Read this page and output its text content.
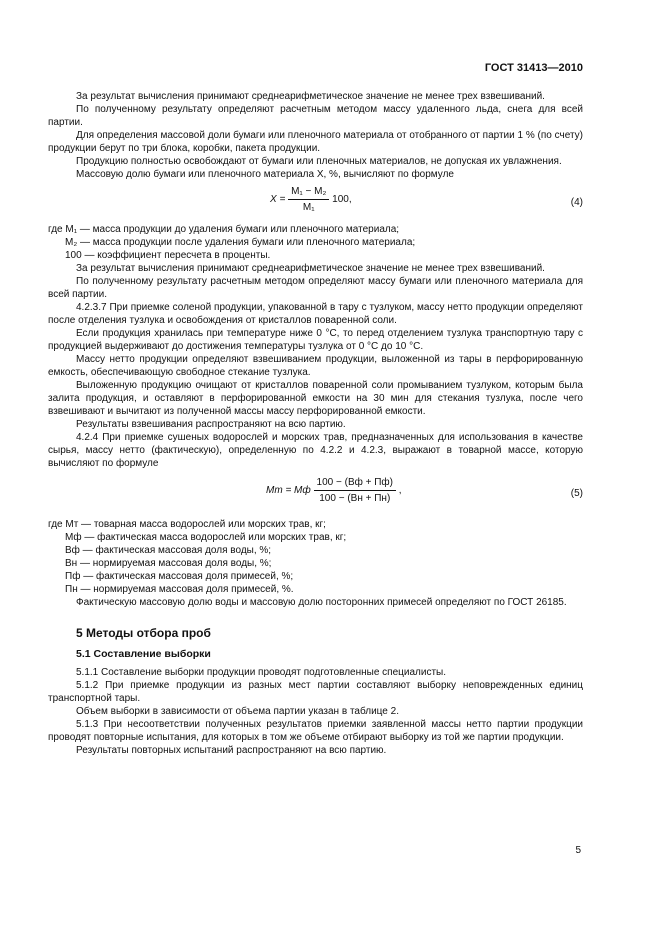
ГОСТ 31413—2010

За результат вычисления принимают среднеарифметическое значение не менее трех взвешиваний.

По полученному результату определяют расчетным методом массу удаленного льда, снега для всей партии.

Для определения массовой доли бумаги или пленочного материала от отобранного от партии 1 % (по счету) продукции берут по три блока, коробки, пакета продукции.

Продукцию полностью освобождают от бумаги или пленочных материалов, не допуская их увлажнения.

Массовую долю бумаги или пленочного материала X, %, вычисляют по формуле

$X = \frac{\text{M₁ − M₂}}{\text{M₁}} 100$,	(4)

где M₁ — масса продукции до удаления бумаги или пленочного материала;

M₂ — масса продукции после удаления бумаги или пленочного материала;

100 — коэффициент пересчета в проценты.

За результат вычисления принимают среднеарифметическое значение не менее трех взвешиваний.

По полученному результату расчетным методом определяют массу бумаги или пленочного материала для всей партии.

4.2.3.7 При приемке соленой продукции, упакованной в тару с тузлуком, массу нетто продукции определяют после отделения тузлука и освобождения от кристаллов поваренной соли.

Если продукция хранилась при температуре ниже 0 °С, то перед отделением тузлука транспортную тару с продукцией выдерживают до достижения температуры тузлука от 0 °С до 10 °С.

Массу нетто продукции определяют взвешиванием продукции, выложенной из тары в перфорированную емкость, обеспечивающую свободное стекание тузлука.

Выложенную продукцию очищают от кристаллов поваренной соли промыванием тузлуком, которым была залита продукция, и оставляют в перфорированной емкости на 30 мин для стекания тузлука, после чего взвешивают и вычитают из полученной массы массу перфорированной емкости.

Результаты взвешивания распространяют на всю партию.

4.2.4 При приемке сушеных водорослей и морских трав, предназначенных для использования в качестве сырья, массу нетто (фактическую), определенную по 4.2.2 и 4.2.3, выражают в товарной массе, которую вычисляют по формуле

Mт = Mф $\frac{100 - (Bф + Пф)}{100 - (Bн + Пн)}$ ,	(5)

где Mт — товарная масса водорослей или морских трав, кг;

Mф — фактическая масса водорослей или морских трав, кг;

Bф — фактическая массовая доля воды, %;

Bн — нормируемая массовая доля воды, %;

Пф — фактическая массовая доля примесей, %;

Пн — нормируемая массовая доля примесей, %.

Фактическую массовую долю воды и массовую долю посторонних примесей определяют по ГОСТ 26185.

5 Методы отбора проб
5.1 Составление выборки

5.1.1 Составление выборки продукции проводят подготовленные специалисты.

5.1.2 При приемке продукции из разных мест партии составляют выборку неповрежденных единиц транспортной тары.

Объем выборки в зависимости от объема партии указан в таблице 2.

5.1.3 При несоответствии полученных результатов приемки заявленной массы нетто партии продукции проводят повторные испытания, для которых в том же объеме отбирают выборку из той же партии продукции.

Результаты повторных испытаний распространяют на всю партию.

5
